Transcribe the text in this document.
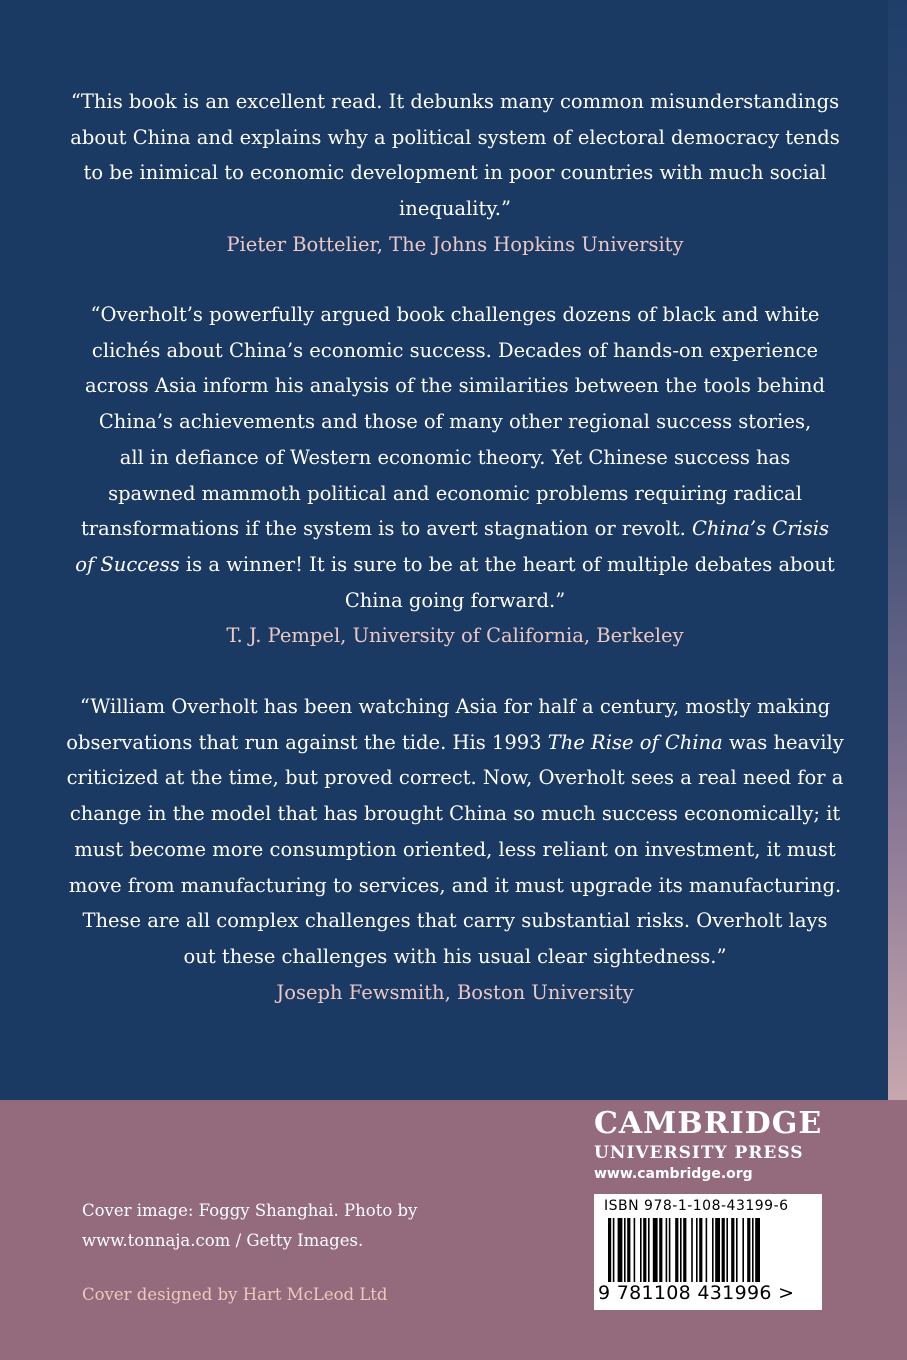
“This book is an excellent read. It debunks many common misunderstandings
about China and explains why a political system of electoral democracy tends
to be inimical to economic development in poor countries with much social
inequality.”
Pieter Bottelier, The Johns Hopkins University
“Overholt’s powerfully argued book challenges dozens of black and white
clichés about China’s economic success. Decades of hands-on experience
across Asia inform his analysis of the similarities between the tools behind
China’s achievements and those of many other regional success stories,
all in defiance of Western economic theory. Yet Chinese success has
spawned mammoth political and economic problems requiring radical
transformations if the system is to avert stagnation or revolt. China’s Crisis
of Success is a winner! It is sure to be at the heart of multiple debates about
China going forward.”
T. J. Pempel, University of California, Berkeley
“William Overholt has been watching Asia for half a century, mostly making
observations that run against the tide. His 1993 The Rise of China was heavily
criticized at the time, but proved correct. Now, Overholt sees a real need for a
change in the model that has brought China so much success economically; it
must become more consumption oriented, less reliant on investment, it must
move from manufacturing to services, and it must upgrade its manufacturing.
These are all complex challenges that carry substantial risks. Overholt lays
out these challenges with his usual clear sightedness.”
Joseph Fewsmith, Boston University
Cover image: Foggy Shanghai. Photo by
www.tonnaja.com / Getty Images.
Cover designed by Hart McLeod Ltd
CAMBRIDGE
UNIVERSITY PRESS
www.cambridge.org
ISBN 978-1-108-43199-6
9 781108 431996 >
